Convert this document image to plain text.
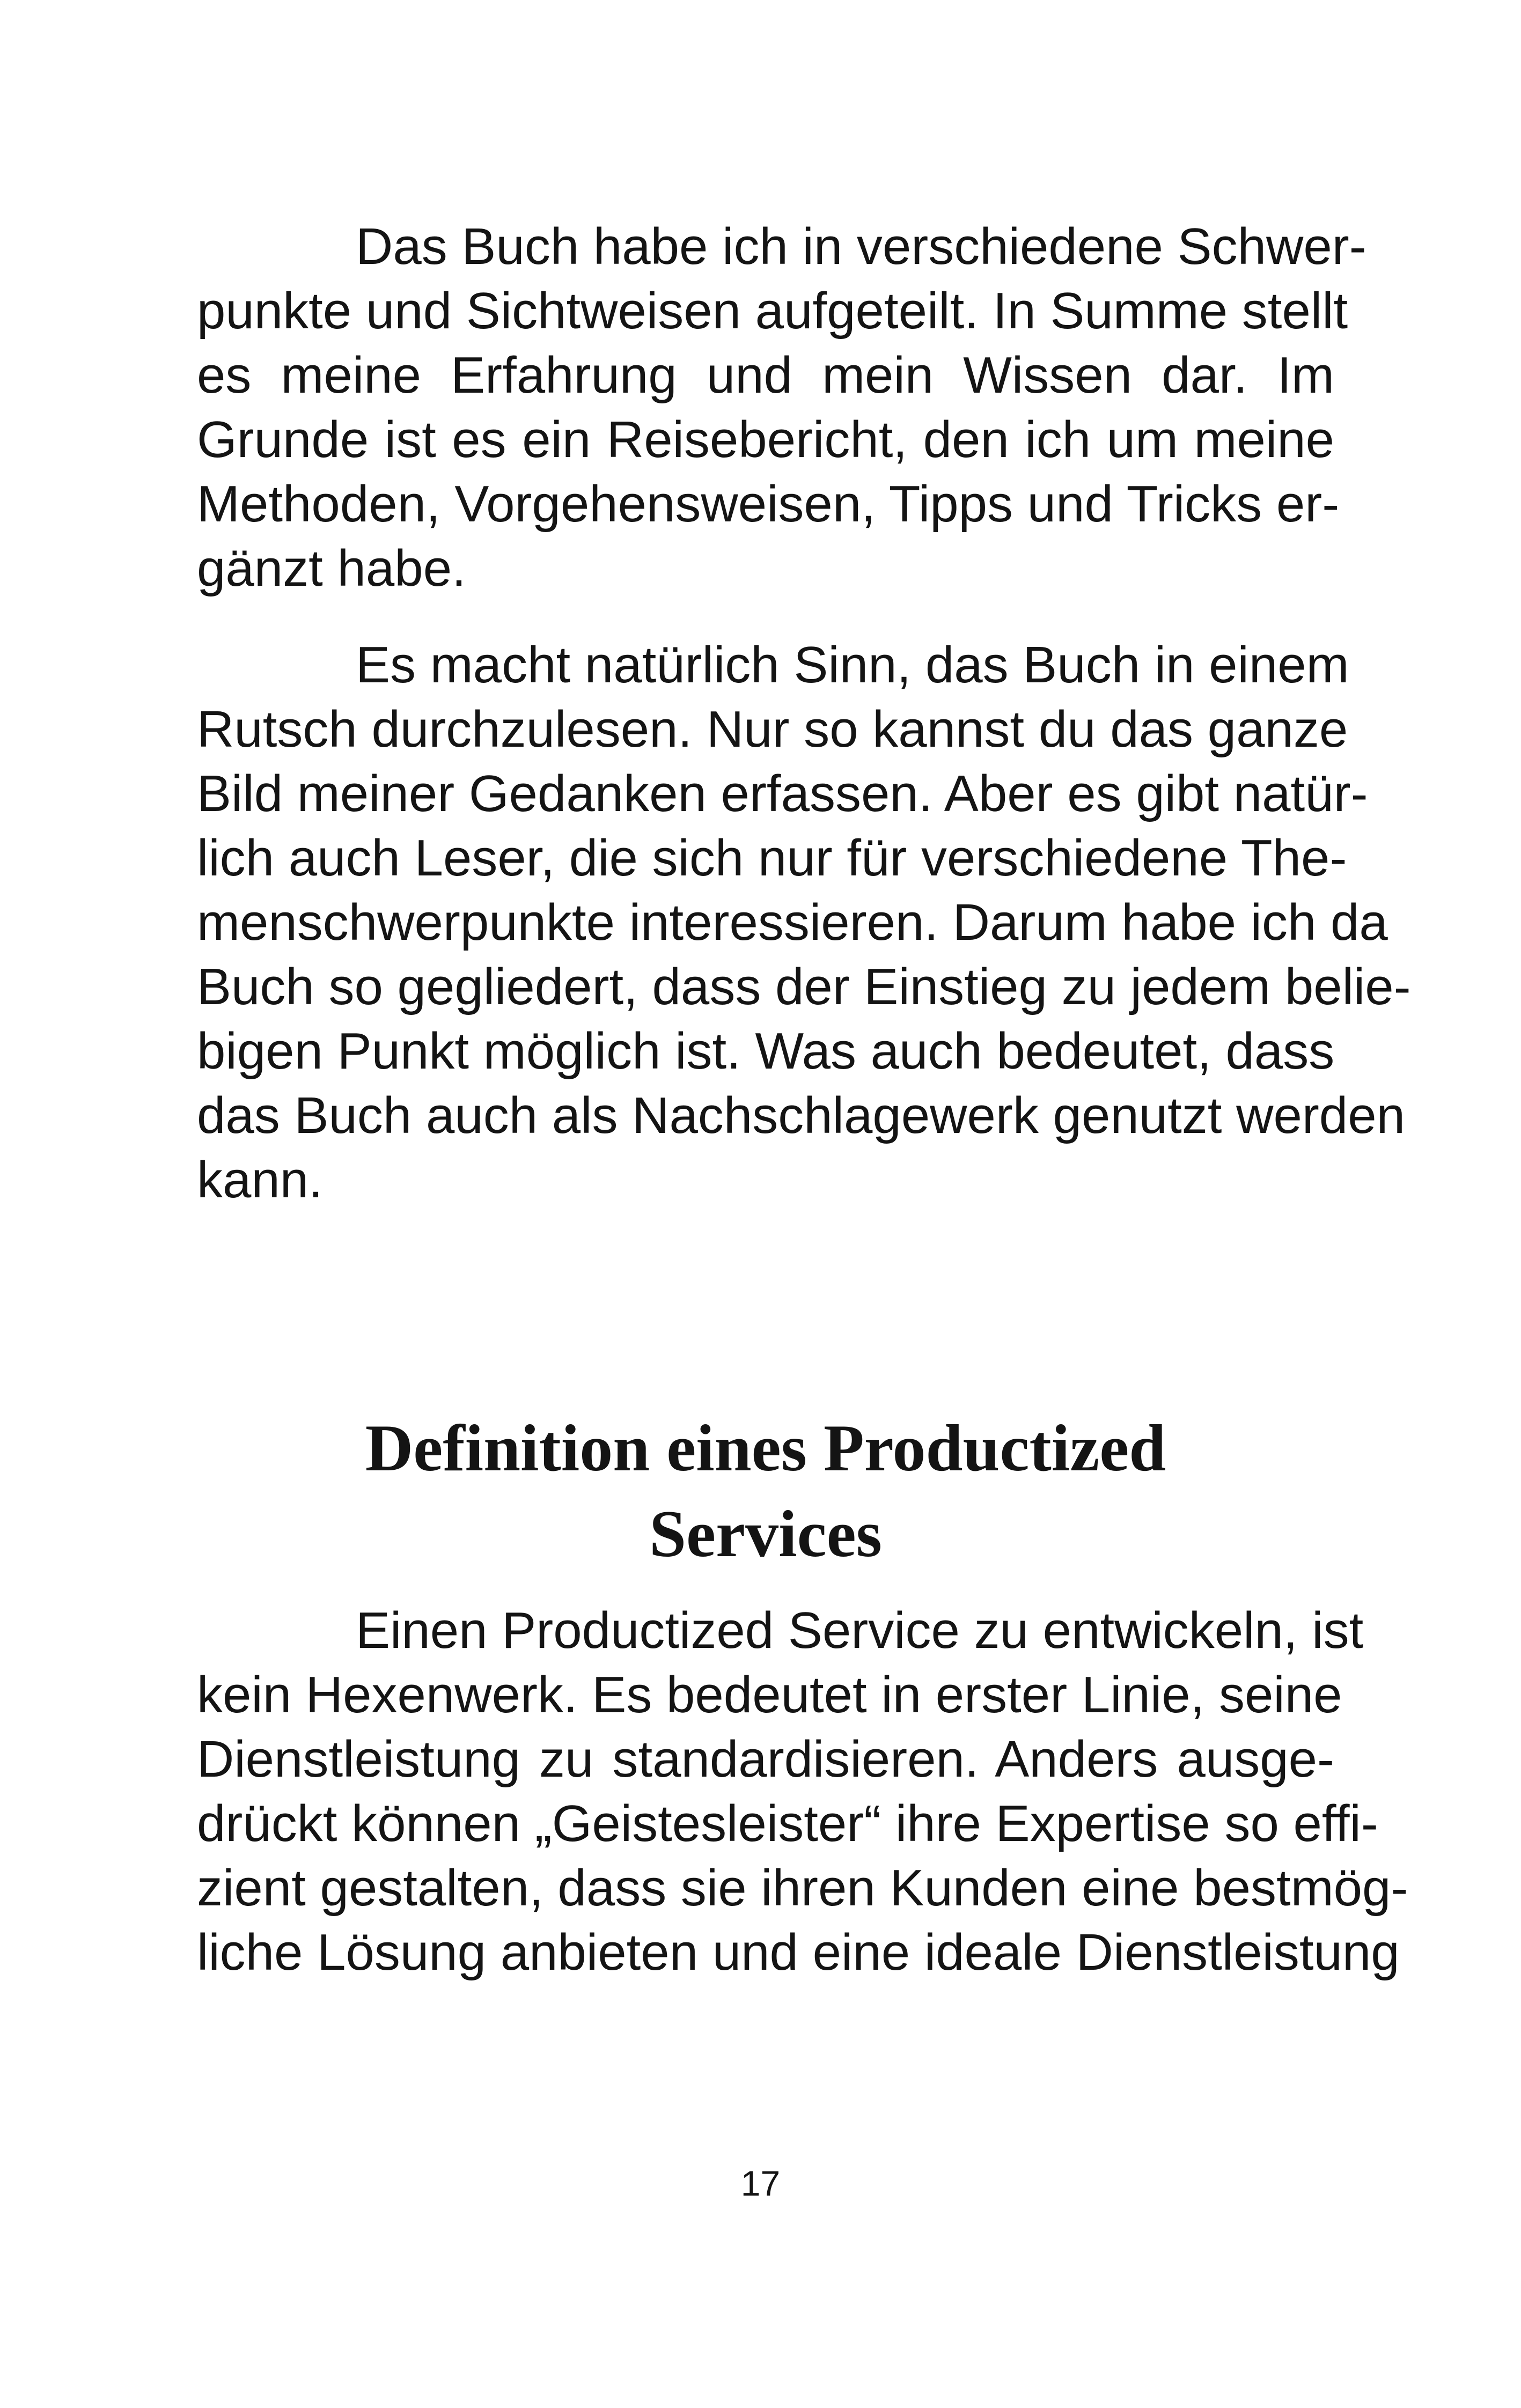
Das Buch habe ich in verschiedene Schwer-
punkte und Sichtweisen aufgeteilt. In Summe stellt
es meine Erfahrung und mein Wissen dar. Im
Grunde ist es ein Reisebericht, den ich um meine
Methoden, Vorgehensweisen, Tipps und Tricks er-
gänzt habe.
Es macht natürlich Sinn, das Buch in einem
Rutsch durchzulesen. Nur so kannst du das ganze
Bild meiner Gedanken erfassen. Aber es gibt natür-
lich auch Leser, die sich nur für verschiedene The-
menschwerpunkte interessieren. Darum habe ich da
Buch so gegliedert, dass der Einstieg zu jedem belie-
bigen Punkt möglich ist. Was auch bedeutet, dass
das Buch auch als Nachschlagewerk genutzt werden
kann.
Definition eines Productized
Services
Einen Productized Service zu entwickeln, ist
kein Hexenwerk. Es bedeutet in erster Linie, seine
Dienstleistung zu standardisieren. Anders ausge-
drückt können „Geistesleister“ ihre Expertise so effi-
zient gestalten, dass sie ihren Kunden eine bestmög-
liche Lösung anbieten und eine ideale Dienstleistung
17
